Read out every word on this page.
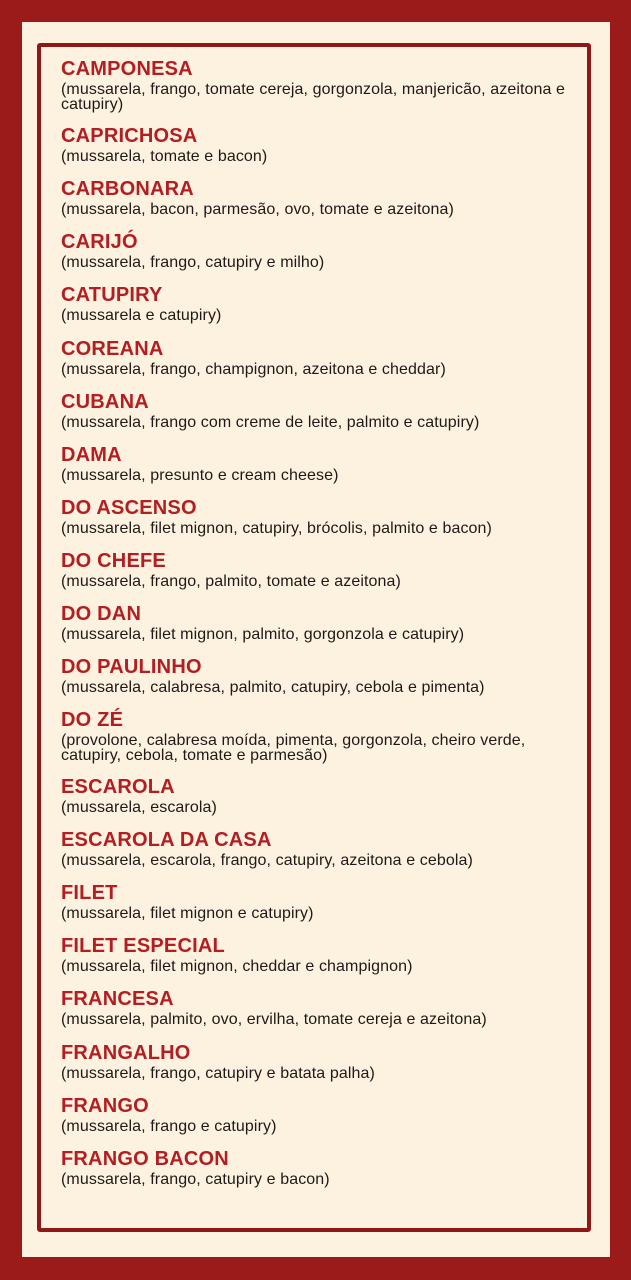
CAMPONESA
(mussarela, frango, tomate cereja, gorgonzola, manjericão, azeitona e catupiry)
CAPRICHOSA
(mussarela, tomate e bacon)
CARBONARA
(mussarela, bacon, parmesão, ovo, tomate e azeitona)
CARIJÓ
(mussarela, frango, catupiry e milho)
CATUPIRY
(mussarela e catupiry)
COREANA
(mussarela, frango, champignon, azeitona e cheddar)
CUBANA
(mussarela, frango com creme de leite, palmito e catupiry)
DAMA
(mussarela, presunto e cream cheese)
DO ASCENSO
(mussarela, filet mignon, catupiry, brócolis, palmito e bacon)
DO CHEFE
(mussarela, frango, palmito, tomate e azeitona)
DO DAN
(mussarela, filet mignon, palmito, gorgonzola e catupiry)
DO PAULINHO
(mussarela, calabresa, palmito, catupiry, cebola e pimenta)
DO ZÉ
(provolone, calabresa moída, pimenta, gorgonzola, cheiro verde, catupiry, cebola, tomate e parmesão)
ESCAROLA
(mussarela, escarola)
ESCAROLA DA CASA
(mussarela, escarola, frango, catupiry, azeitona e cebola)
FILET
(mussarela, filet mignon e catupiry)
FILET ESPECIAL
(mussarela, filet mignon, cheddar e champignon)
FRANCESA
(mussarela, palmito, ovo, ervilha, tomate cereja e azeitona)
FRANGALHO
(mussarela, frango, catupiry e batata palha)
FRANGO
(mussarela, frango e catupiry)
FRANGO BACON
(mussarela, frango, catupiry e bacon)
